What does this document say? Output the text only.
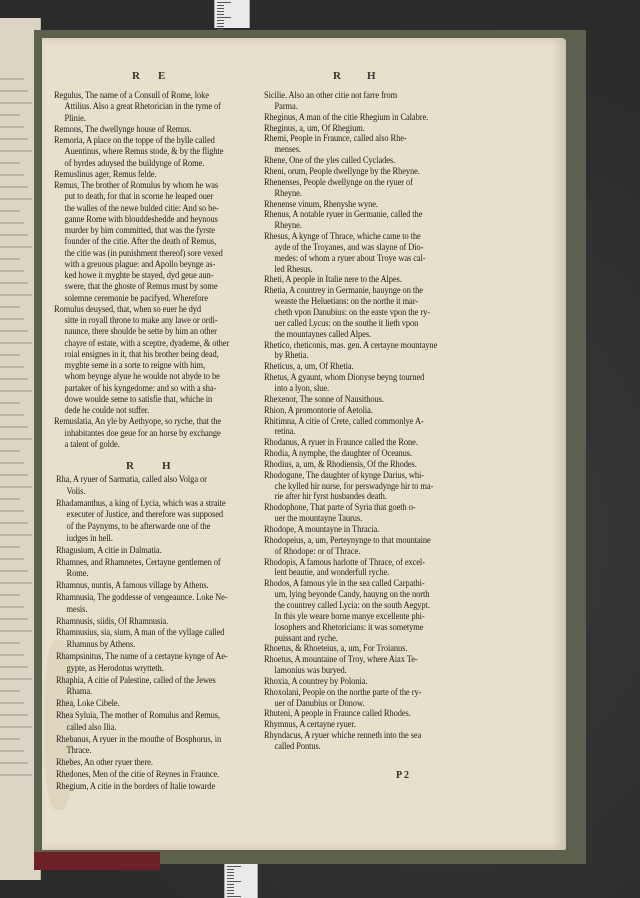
R E	R H
Regulus, The name of a Consull of Rome, loke
Attilius. Also a great Rhetorician in the tyme of
Plinie.
Remons, The dwellynge house of Remus.
Remoria, A place on the toppe of the hylle called
Auentinus, where Remus stode, & by the flighte
of byrdes aduysed the buildynge of Rome.
Remuslinus ager, Remus felde.
Remus, The brother of Romulus by whom he was
put to death, for that in scorne he leaped ouer
the walles of the newe bulded citie: And so be-
ganne Rome with blouddeshedde and heynous
murder by him committed, that was the fyrste
founder of the citie. After the death of Remus,
the citie was (in punishment thereof) sore vexed
with a greuous plague: and Apollo beynge as-
ked howe it myghte be stayed, dyd geue aun-
swere, that the ghoste of Remus must by some
solemne ceremonie be pacifyed. Wherefore
Romulus deuysed, that, when so euer he dyd
sitte in royall throne to make any lawe or ordi-
naunce, there shoulde be sette by him an other
chayre of estate, with a sceptre, dyademe, & other
roial ensignes in it, that his brother being dead,
myghte seme in a sorte to reigne with him,
whom beynge alyue he woulde not abyde to be
partaker of his kyngedome: and so with a sha-
dowe woulde seme to satisfie that, whiche in
dede he coulde not suffer.
Remuslatia, An yle by Aethyope, so ryche, that the
inhabitantes doe geue for an horse by exchange
a talent of golde.
R	H
Rha, A ryuer of Sarmatia, called also Volga or
Volis.
Rhadamanthus, a king of Lycia, which was a straite
executer of Justice, and therefore was supposed
of the Paynyms, to be afterwarde one of the
iudges in hell.
Rhagusium, A citie in Dalmatia.
Rhamnes, and Rhamnetes, Certayne gentlemen of
Rome.
Rhamnus, nuntis, A famous village by Athens.
Rhamnusia, The goddesse of vengeaunce. Loke Ne-
mesis.
Rhamnusis, siidis, Of Rhamnusia.
Rhamnusius, sia, sium, A man of the vyllage called
Rhamnus by Athens.
Rhampsinitus, The name of a certayne kynge of Ae-
gypte, as Herodotus wrytteth.
Rhaphia, A citie of Palestine, called of the Jewes
Rhama.
Rhea, Loke Cibele.
Rhea Syluia, The mother of Romulus and Remus,
called also Ilia.
Rhebanus, A ryuer in the mouthe of Bosphorus, in
Thrace.
Rhebes, An other ryuer there.
Rhedones, Men of the citie of Reynes in Fraunce.
Rhegium, A citie in the borders of Italie towarde
Sicilie. Also an other citie not farre from
Parma.
Rheginus, A man of the citie Rhegium in Calabre.
Rheginus, a, um, Of Rhegium.
Rhemi, People in Fraunce, called also Rhe-
menses.
Rhene, One of the yles called Cyclades.
Rheni, orum, People dwellynge by the Rheyne.
Rhenenses, People dwellynge on the ryuer of
Rheyne.
Rhenense vinum, Rhenyshe wyne.
Rhenus, A notable ryuer in Germanie, called the
Rheyne.
Rhesus, A kynge of Thrace, whiche came to the
ayde of the Troyanes, and was slayne of Dio-
medes: of whom a ryuer about Troye was cal-
led Rhesus.
Rheti, A people in Italie nere to the Alpes.
Rhetia, A countrey in Germanie, hauynge on the
weaste the Heluetians: on the northe it mar-
cheth vpon Danubius: on the easte vpon the ry-
uer called Lycus: on the southe it lieth vpon
the mountaynes called Alpes.
Rhetico, rheticonis, mas. gen. A certayne mountayne
by Rhetia.
Rheticus, a, um, Of Rhetia.
Rhetus, A gyaunt, whom Dionyse beyng tourned
into a lyon, slue.
Rhexenor, The sonne of Nausithous.
Rhion, A promontorie of Aetolia.
Rhitimna, A citie of Crete, called commonlye A-
retina.
Rhodanus, A ryuer in Fraunce called the Rone.
Rhodia, A nymphe, the daughter of Oceanus.
Rhodius, a, um, & Rhodiensis, Of the Rhodes.
Rhodogune, The daughter of kynge Darius, whi-
che kylled hir nurse, for perswadynge hir to ma-
rie after hir fyrst husbandes death.
Rhodophone, That parte of Syria that goeth o-
uer the mountayne Taurus.
Rhodope, A mountayne in Thracia.
Rhodopeius, a, um, Perteynynge to that mountaine
of Rhodope: or of Thrace.
Rhodopis, A famous harlotte of Thrace, of excel-
lent beautie, and wonderfull ryche.
Rhodos, A famous yle in the sea called Carpathi-
um, lying beyonde Candy, hauyng on the north
the countrey called Lycia: on the south Aegypt.
In this yle weare borne manye excellente phi-
losophers and Rhetoricians: it was sometyme
puissant and ryche.
Rhoetus, & Rhoeteius, a, um, For Troianus.
Rhoetus, A mountaine of Troy, where Aiax Te-
lamonius was buryed.
Rhoxia, A countrey by Polonia.
Rhoxolani, People on the northe parte of the ry-
uer of Danubius or Donow.
Rhuteni, A people in Fraunce called Rhodes.
Rhymnus, A certayne ryuer.
Rhyndacus, A ryuer whiche renneth into the sea
called Pontus.
P 2
